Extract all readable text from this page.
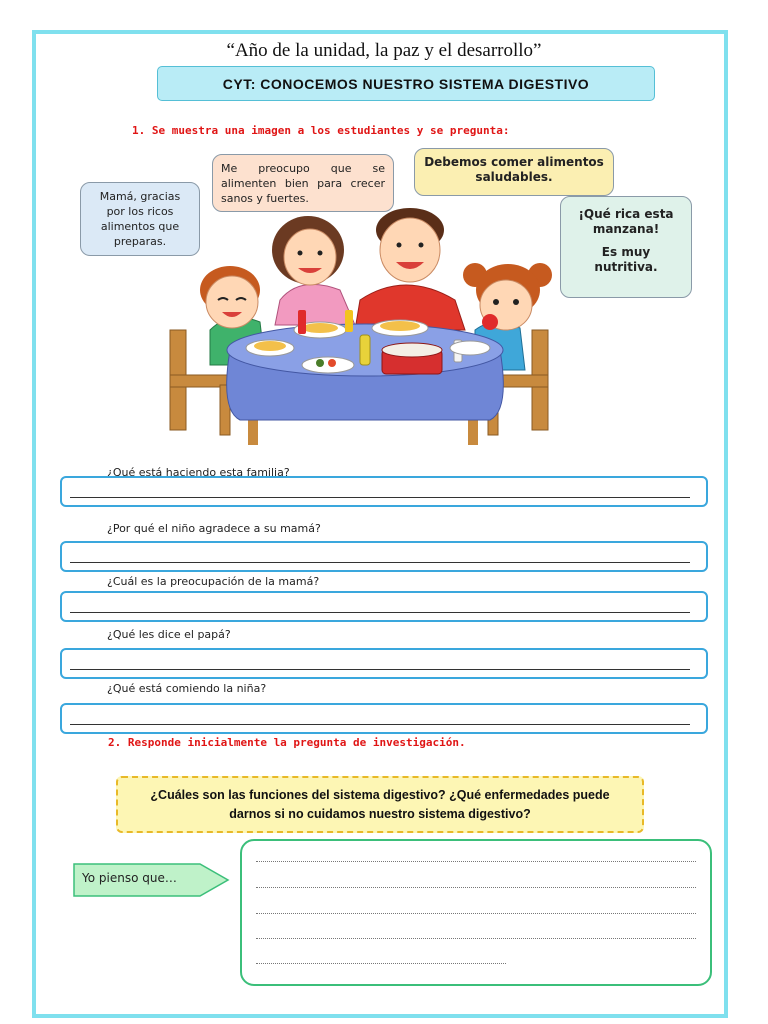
“Año de la unidad, la paz y el desarrollo”
CYT: CONOCEMOS NUESTRO SISTEMA DIGESTIVO
1. Se muestra una imagen a los estudiantes y se pregunta:
Mamá, gracias por los ricos alimentos que preparas.
Me preocupo que se alimenten bien para crecer sanos y fuertes.
Debemos comer alimentos saludables.
¡Qué rica esta manzana!
Es muy nutritiva.
¿Qué está haciendo esta familia?
¿Por qué el niño agradece a su mamá?
¿Cuál es la preocupación de la mamá?
¿Qué les dice el papá?
¿Qué está comiendo la niña?
2. Responde inicialmente la pregunta de investigación.
¿Cuáles son las funciones del sistema digestivo? ¿Qué enfermedades puede
darnos si no cuidamos nuestro sistema digestivo?
Yo pienso que…
